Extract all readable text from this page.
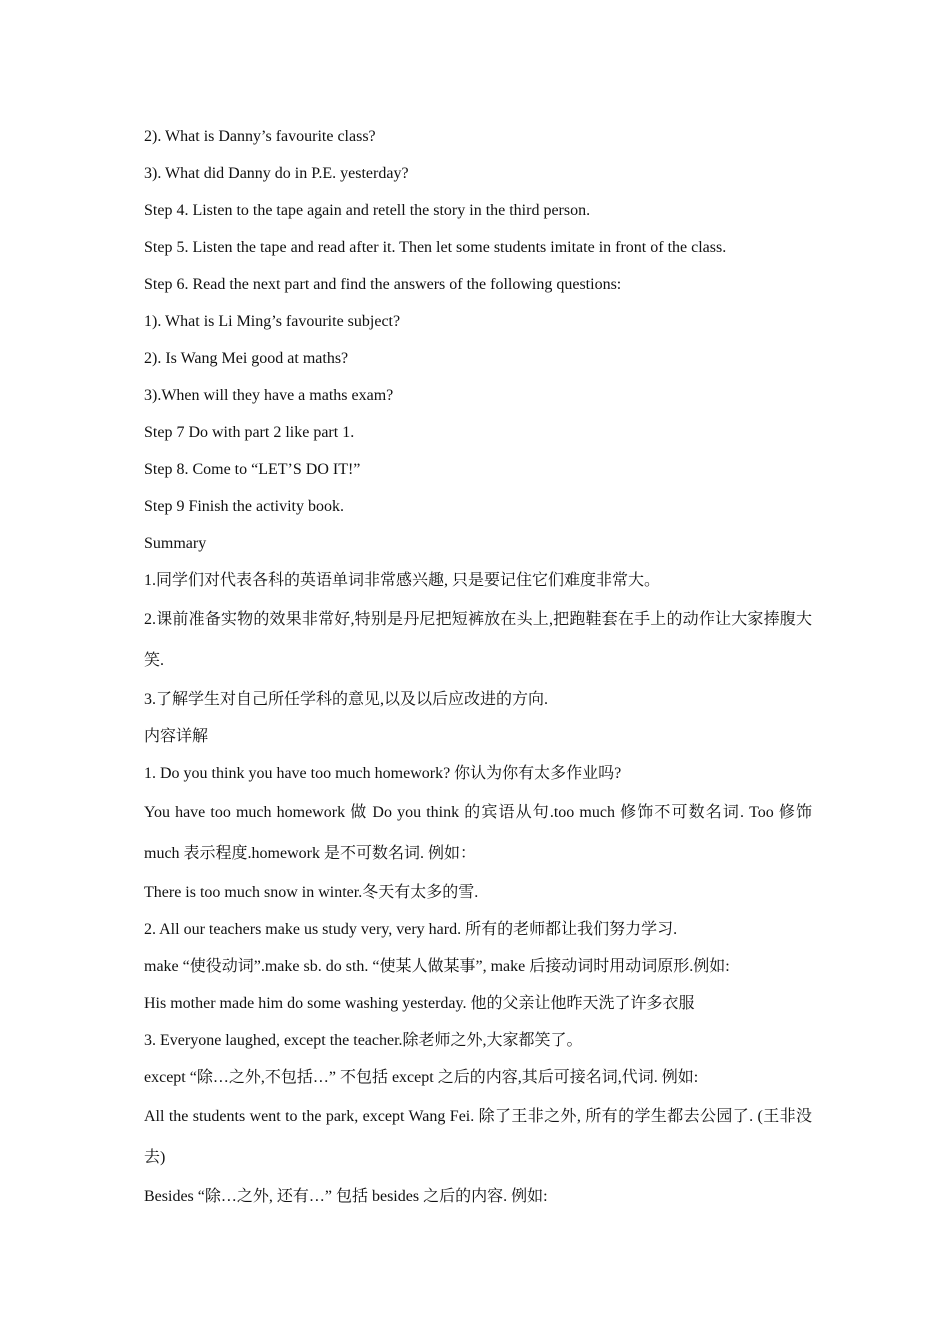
2). What is Danny’s favourite class?

3). What did Danny do in P.E. yesterday?

Step 4. Listen to the tape again and retell the story in the third person.

Step 5. Listen the tape and read after it. Then let some students imitate in front of the class.

Step 6. Read the next part and find the answers of the following questions:

1). What is Li Ming’s favourite subject?

2). Is Wang Mei good at maths?

3).When will they have a maths exam?

Step 7 Do with part 2 like part 1.

Step 8. Come to “LET’S DO IT!”

Step 9 Finish the activity book.

Summary

1.同学们对代表各科的英语单词非常感兴趣, 只是要记住它们难度非常大。

2.课前准备实物的效果非常好,特别是丹尼把短裤放在头上,把跑鞋套在手上的动作让大家捧腹大笑.

3.了解学生对自己所任学科的意见,以及以后应改进的方向.

内容详解

1. Do you think you have too much homework? 你认为你有太多作业吗?

You have too much homework 做 Do you think 的宾语从句.too much 修饰不可数名词. Too 修饰 much 表示程度.homework 是不可数名词. 例如：

There is too much snow in winter.冬天有太多的雪.

2. All our teachers make us study very, very hard. 所有的老师都让我们努力学习.

make “使役动词”.make sb. do sth. “使某人做某事”, make 后接动词时用动词原形.例如:

His mother made him do some washing yesterday. 他的父亲让他昨天洗了许多衣服

3. Everyone laughed, except the teacher.除老师之外,大家都笑了。

except “除…之外,不包括…” 不包括 except 之后的内容,其后可接名词,代词. 例如:

All the students went to the park, except Wang Fei. 除了王非之外, 所有的学生都去公园了. (王非没去)

Besides “除…之外, 还有…” 包括 besides 之后的内容. 例如:
